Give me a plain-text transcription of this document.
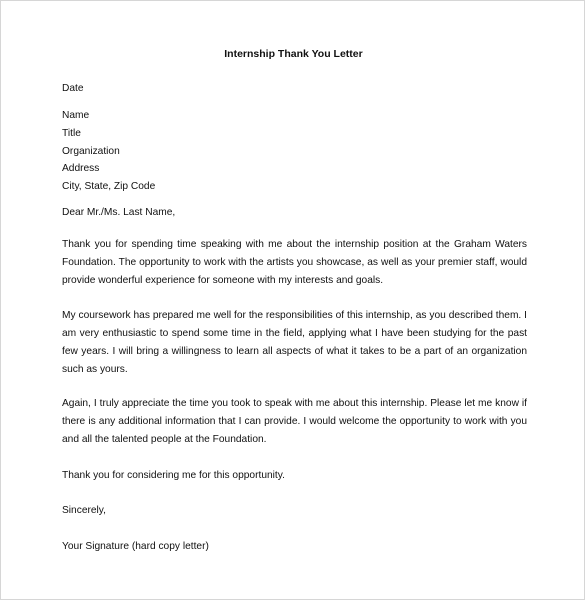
Internship Thank You Letter
Date
Name
Title
Organization
Address
City, State, Zip Code
Dear Mr./Ms. Last Name,
Thank you for spending time speaking with me about the internship position at the Graham Waters Foundation. The opportunity to work with the artists you showcase, as well as your premier staff, would provide wonderful experience for someone with my interests and goals.
My coursework has prepared me well for the responsibilities of this internship, as you described them. I am very enthusiastic to spend some time in the field, applying what I have been studying for the past few years. I will bring a willingness to learn all aspects of what it takes to be a part of an organization such as yours.
Again, I truly appreciate the time you took to speak with me about this internship. Please let me know if there is any additional information that I can provide. I would welcome the opportunity to work with you and all the talented people at the Foundation.
Thank you for considering me for this opportunity.
Sincerely,
Your Signature (hard copy letter)
